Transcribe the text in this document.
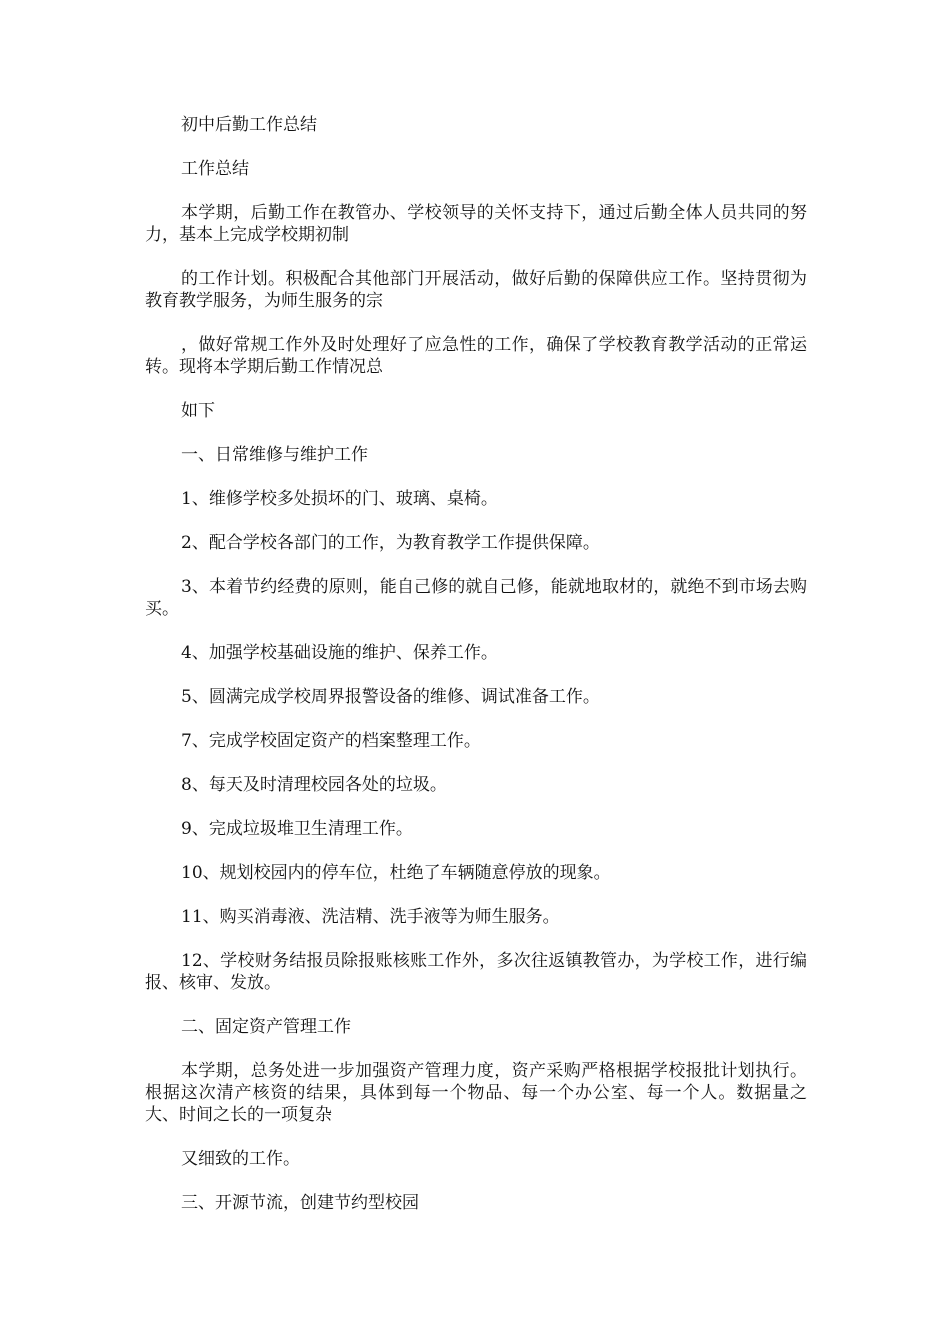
初中后勤工作总结

工作总结

本学期，后勤工作在教管办、学校领导的关怀支持下，通过后勤全体人员共同的努力，基本上完成学校期初制

的工作计划。积极配合其他部门开展活动，做好后勤的保障供应工作。坚持贯彻为教育教学服务，为师生服务的宗

，做好常规工作外及时处理好了应急性的工作，确保了学校教育教学活动的正常运转。现将本学期后勤工作情况总

如下

一、日常维修与维护工作

1、维修学校多处损坏的门、玻璃、桌椅。

2、配合学校各部门的工作，为教育教学工作提供保障。

3、本着节约经费的原则，能自己修的就自己修，能就地取材的，就绝不到市场去购买。

4、加强学校基础设施的维护、保养工作。

5、圆满完成学校周界报警设备的维修、调试准备工作。

7、完成学校固定资产的档案整理工作。

8、每天及时清理校园各处的垃圾。

9、完成垃圾堆卫生清理工作。

10、规划校园内的停车位，杜绝了车辆随意停放的现象。

11、购买消毒液、洗洁精、洗手液等为师生服务。

12、学校财务结报员除报账核账工作外，多次往返镇教管办，为学校工作，进行编报、核审、发放。

二、固定资产管理工作

本学期，总务处进一步加强资产管理力度，资产采购严格根据学校报批计划执行。根据这次清产核资的结果，具体到每一个物品、每一个办公室、每一个人。数据量之大、时间之长的一项复杂

又细致的工作。

三、开源节流，创建节约型校园
